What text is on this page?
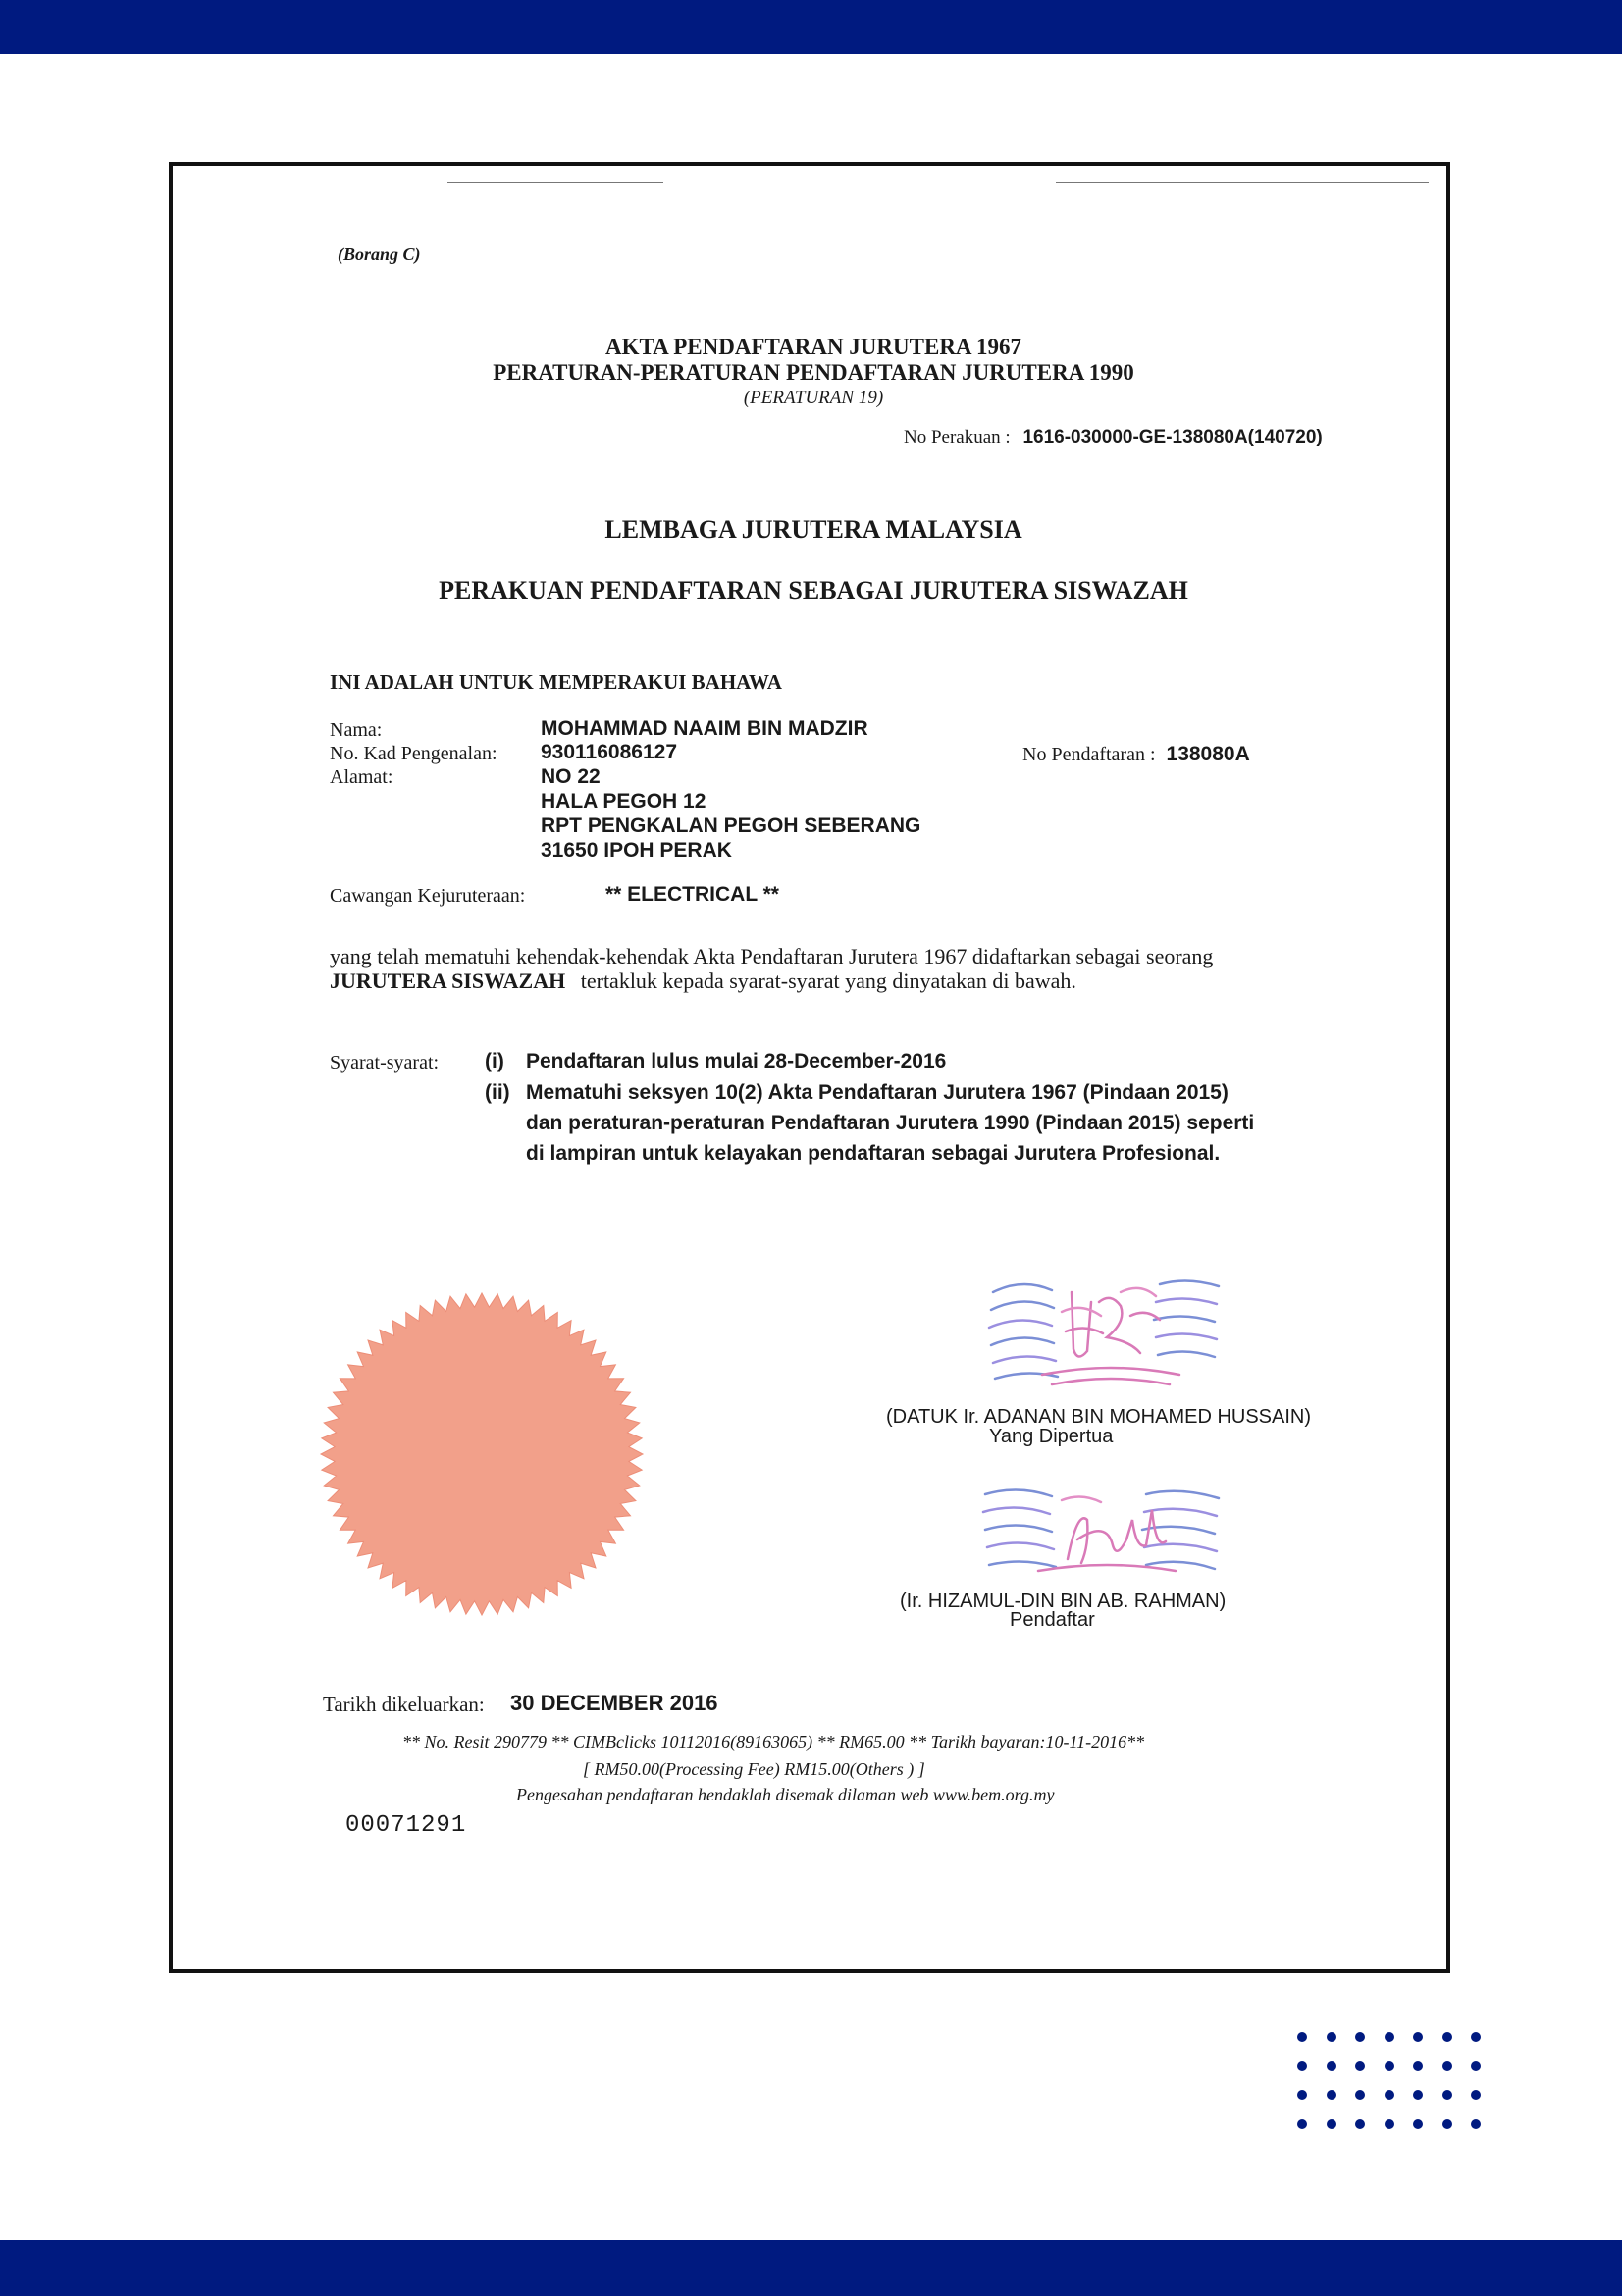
(Borang C)
AKTA PENDAFTARAN JURUTERA 1967
PERATURAN-PERATURAN PENDAFTARAN JURUTERA 1990
(PERATURAN 19)
No Perakuan : 1616-030000-GE-138080A(140720)
LEMBAGA JURUTERA MALAYSIA
PERAKUAN PENDAFTARAN SEBAGAI JURUTERA SISWAZAH
INI ADALAH UNTUK MEMPERAKUI BAHAWA
Nama:	MOHAMMAD NAAIM BIN MADZIR
No. Kad Pengenalan: 930116086127	No Pendaftaran : 138080A
Alamat:	NO 22
HALA PEGOH 12
RPT PENGKALAN PEGOH SEBERANG
31650 IPOH PERAK
Cawangan Kejuruteraan:	** ELECTRICAL **
yang telah mematuhi kehendak-kehendak Akta Pendaftaran Jurutera 1967 didaftarkan sebagai seorang
JURUTERA SISWAZAH tertakluk kepada syarat-syarat yang dinyatakan di bawah.
Syarat-syarat: (i) Pendaftaran lulus mulai 28-December-2016
(ii) Mematuhi seksyen 10(2) Akta Pendaftaran Jurutera 1967 (Pindaan 2015)
dan peraturan-peraturan Pendaftaran Jurutera 1990 (Pindaan 2015) seperti
di lampiran untuk kelayakan pendaftaran sebagai Jurutera Profesional.
(DATUK Ir. ADANAN BIN MOHAMED HUSSAIN)
Yang Dipertua
(Ir. HIZAMUL-DIN BIN AB. RAHMAN)
Pendaftar
Tarikh dikeluarkan: 30 DECEMBER 2016
** No. Resit 290779 ** CIMBclicks 10112016(89163065) ** RM65.00 ** Tarikh bayaran:10-11-2016**
[ RM50.00(Processing Fee) RM15.00(Others ) ]
Pengesahan pendaftaran hendaklah disemak dilaman web www.bem.org.my
00071291
